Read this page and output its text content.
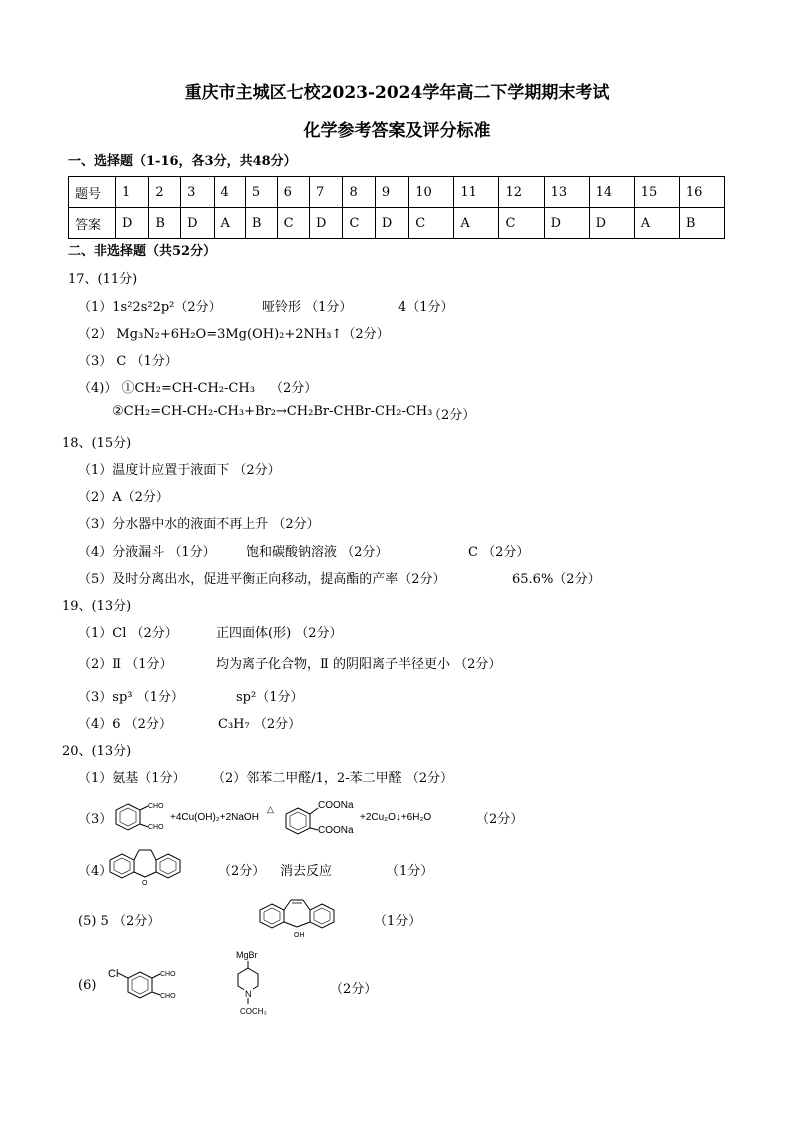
重庆市主城区七校2023-2024学年高二下学期期末考试
化学参考答案及评分标准
一、选择题（1-16，各3分，共48分）
题号	1	2	3	4	5	6	7	8	9	10	11	12	13	14	15	16
答案	D	B	D	A	B	C	D	C	D	C	A	C	D	D	A	B
二、非选择题（共52分）
17、(11分)
（1）1s²2s²2p²（2分）	哑铃形 （1分）	4（1分）
（2） Mg₃N₂+6H₂O=3Mg(OH)₂+2NH₃↑（2分）
（3） C （1分）
（4)） ①CH₂=CH-CH₂-CH₃ （2分）
②CH₂=CH-CH₂-CH₃+Br₂→CH₂Br-CHBr-CH₂-CH₃
（2分）
18、(15分)
（1）温度计应置于液面下 （2分）
（2）A（2分）
（3）分水器中水的液面不再上升 （2分）
（4）分液漏斗 （1分） 饱和碳酸钠溶液 （2分）	C （2分）
（5）及时分离出水，促进平衡正向移动，提高酯的产率（2分）	65.6%（2分）
19、(13分)
（1）Cl （2分）	正四面体(形) （2分）
（2）Ⅱ （1分）	均为离子化合物，Ⅱ 的阴阳离子半径更小 （2分）
（3）sp³ （1分）	sp²（1分）
（4）6 （2分）	C₃H₇ （2分）
20、(13分)
（1）氨基（1分） （2）邻苯二甲醛/1，2-苯二甲醛 （2分）
（3）
CHO
CHO
+4Cu(OH)₂+2NaOH
△	COONa
COONa
+2Cu₂O↓+6H₂O	（2分）
（4）
O
（2分） 消去反应	（1分）
(5) 5 （2分）
OH
（1分）
(6)
Cl	CHO
CHO
MgBr
N
COCH₃
（2分）
